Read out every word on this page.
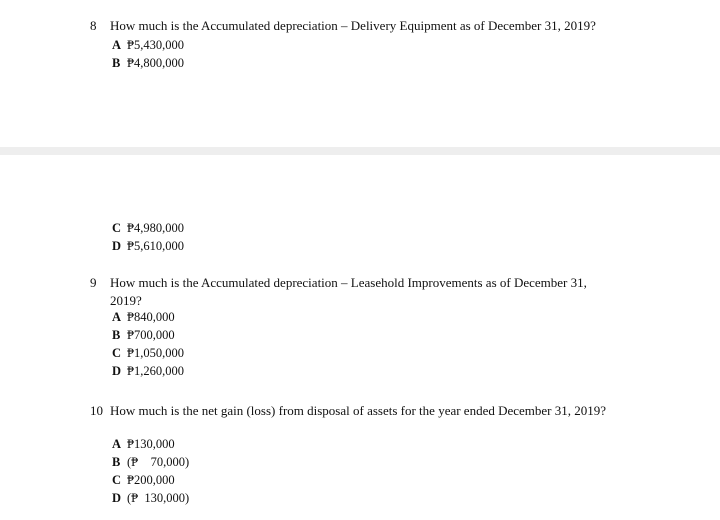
8 How much is the Accumulated depreciation – Delivery Equipment as of December 31, 2019?
A ₱5,430,000
B ₱4,800,000
C ₱4,980,000
D ₱5,610,000
9 How much is the Accumulated depreciation – Leasehold Improvements as of December 31,
2019?
A ₱840,000
B ₱700,000
C ₱1,050,000
D ₱1,260,000
10 How much is the net gain (loss) from disposal of assets for the year ended December 31, 2019?
A ₱130,000
B (₱    70,000)
C ₱200,000
D (₱  130,000)
